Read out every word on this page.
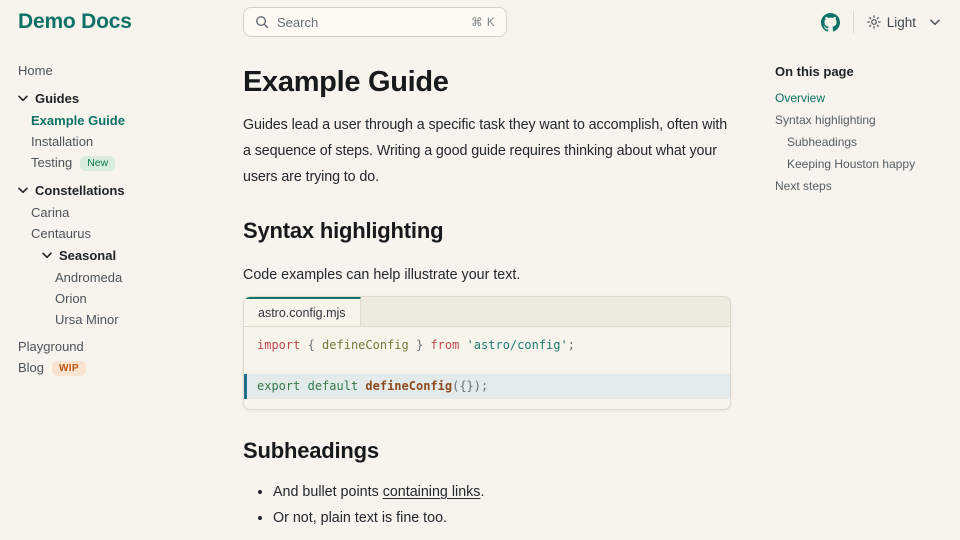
Demo Docs	Search	⌘ K	Light
Home
Guides
Example Guide
Installation
Testing	New
Constellations
Carina
Centaurus
Seasonal
Andromeda
Orion
Ursa Minor
Playground
Blog	WIP
Example Guide

Guides lead a user through a specific task they want to accomplish, often with a sequence of steps. Writing a good guide requires thinking about what your users are trying to do.

Syntax highlighting

Code examples can help illustrate your text.

astro.config.mjs
import { defineConfig } from 'astro/config';

export default defineConfig({});
Subheadings
• And bullet points containing links.
• Or not, plain text is fine too.
On this page
Overview
Syntax highlighting
Subheadings
Keeping Houston happy
Next steps
